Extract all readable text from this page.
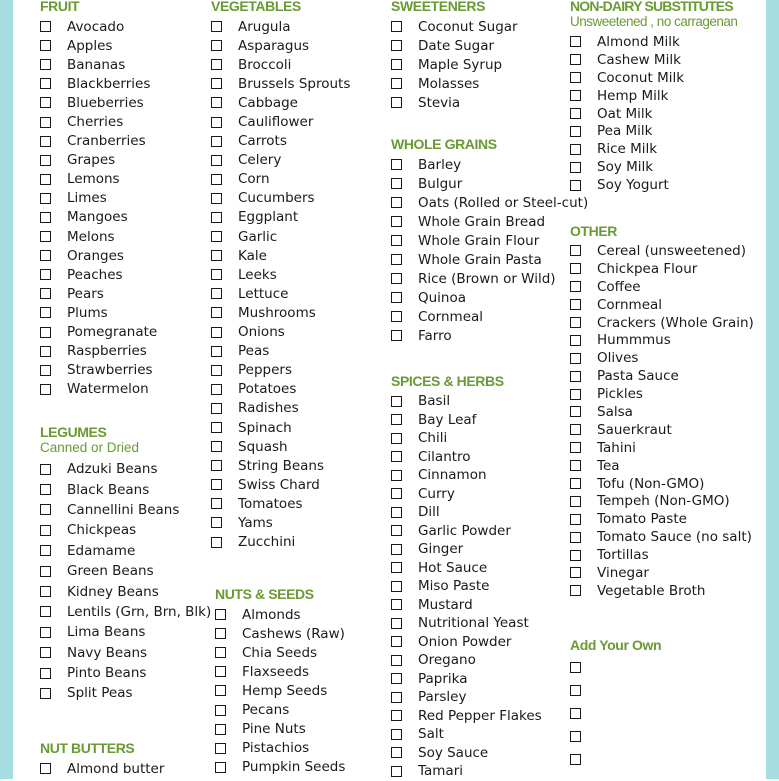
FRUIT
Avocado
Apples
Bananas
Blackberries
Blueberries
Cherries
Cranberries
Grapes
Lemons
Limes
Mangoes
Melons
Oranges
Peaches
Pears
Plums
Pomegranate
Raspberries
Strawberries
Watermelon
LEGUMES
Canned or Dried
Adzuki Beans
Black Beans
Cannellini Beans
Chickpeas
Edamame
Green Beans
Kidney Beans
Lentils (Grn, Brn, Blk)
Lima Beans
Navy Beans
Pinto Beans
Split Peas
NUT BUTTERS
Almond butter
VEGETABLES
Arugula
Asparagus
Broccoli
Brussels Sprouts
Cabbage
Cauliflower
Carrots
Celery
Corn
Cucumbers
Eggplant
Garlic
Kale
Leeks
Lettuce
Mushrooms
Onions
Peas
Peppers
Potatoes
Radishes
Spinach
Squash
String Beans
Swiss Chard
Tomatoes
Yams
Zucchini
NUTS & SEEDS
Almonds
Cashews (Raw)
Chia Seeds
Flaxseeds
Hemp Seeds
Pecans
Pine Nuts
Pistachios
Pumpkin Seeds
SWEETENERS
Coconut Sugar
Date Sugar
Maple Syrup
Molasses
Stevia
WHOLE GRAINS
Barley
Bulgur
Oats (Rolled or Steel-cut)
Whole Grain Bread
Whole Grain Flour
Whole Grain Pasta
Rice (Brown or Wild)
Quinoa
Cornmeal
Farro
SPICES & HERBS
Basil
Bay Leaf
Chili
Cilantro
Cinnamon
Curry
Dill
Garlic Powder
Ginger
Hot Sauce
Miso Paste
Mustard
Nutritional Yeast
Onion Powder
Oregano
Paprika
Parsley
Red Pepper Flakes
Salt
Soy Sauce
Tamari
NON-DAIRY SUBSTITUTES
Unsweetened , no carragenan
Almond Milk
Cashew Milk
Coconut Milk
Hemp Milk
Oat Milk
Pea Milk
Rice Milk
Soy Milk
Soy Yogurt
OTHER
Cereal (unsweetened)
Chickpea Flour
Coffee
Cornmeal
Crackers (Whole Grain)
Hummmus
Olives
Pasta Sauce
Pickles
Salsa
Sauerkraut
Tahini
Tea
Tofu (Non-GMO)
Tempeh (Non-GMO)
Tomato Paste
Tomato Sauce (no salt)
Tortillas
Vinegar
Vegetable Broth
Add Your Own
